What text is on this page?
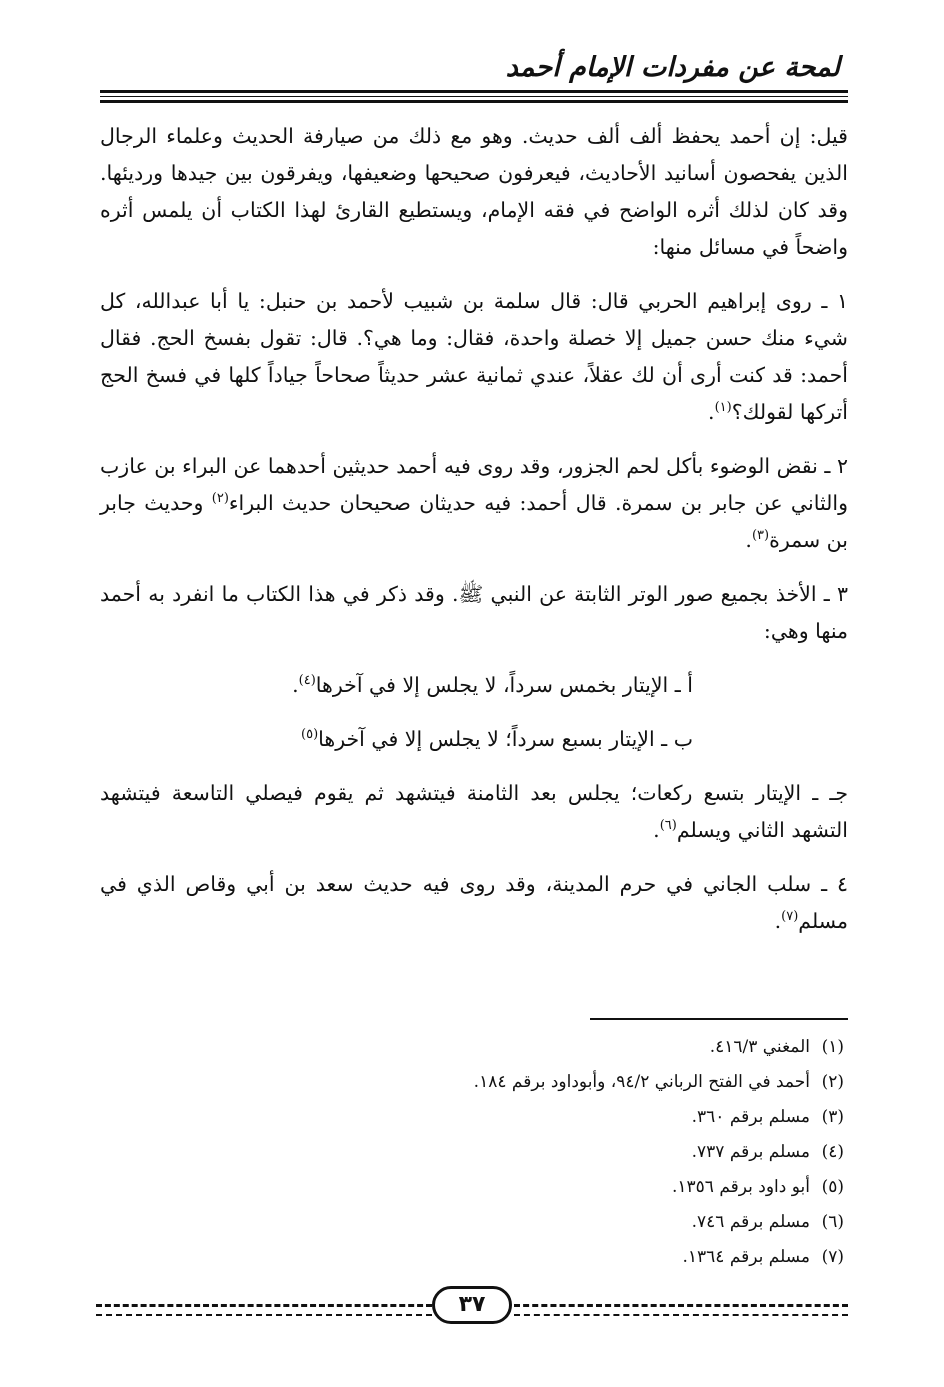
لمحة عن مفردات الإمام أحمد

قيل: إن أحمد يحفظ ألف ألف حديث. وهو مع ذلك من صيارفة الحديث وعلماء الرجال الذين يفحصون أسانيد الأحاديث، فيعرفون صحيحها وضعيفها، ويفرقون بين جيدها ورديئها. وقد كان لذلك أثره الواضح في فقه الإمام، ويستطيع القارئ لهذا الكتاب أن يلمس أثره واضحاً في مسائل منها:

١ ـ روى إبراهيم الحربي قال: قال سلمة بن شبيب لأحمد بن حنبل: يا أبا عبدالله، كل شيء منك حسن جميل إلا خصلة واحدة، فقال: وما هي؟. قال: تقول بفسخ الحج. فقال أحمد: قد كنت أرى أن لك عقلاً، عندي ثمانية عشر حديثاً صحاحاً جياداً كلها في فسخ الحج أتركها لقولك؟$^{(١)}$.

٢ ـ نقض الوضوء بأكل لحم الجزور، وقد روى فيه أحمد حديثين أحدهما عن البراء بن عازب والثاني عن جابر بن سمرة. قال أحمد: فيه حديثان صحيحان حديث البراء$^{(٢)}$ وحديث جابر بن سمرة$^{(٣)}$.

٣ ـ الأخذ بجميع صور الوتر الثابتة عن النبي ﷺ. وقد ذكر في هذا الكتاب ما انفرد به أحمد منها وهي:

أ ـ الإيتار بخمس سرداً، لا يجلس إلا في آخرها$^{(٤)}$.

ب ـ الإيتار بسبع سرداً؛ لا يجلس إلا في آخرها$^{(٥)}$

جـ ـ الإيتار بتسع ركعات؛ يجلس بعد الثامنة فيتشهد ثم يقوم فيصلي التاسعة فيتشهد التشهد الثاني ويسلم$^{(٦)}$.

٤ ـ سلب الجاني في حرم المدينة، وقد روى فيه حديث سعد بن أبي وقاص الذي في مسلم$^{(٧)}$.

(١)المغني ٤١٦/٣.
(٢)أحمد في الفتح الرباني ٩٤/٢، وأبوداود برقم ١٨٤.
(٣)مسلم برقم ٣٦٠.
(٤)مسلم برقم ٧٣٧.
(٥)أبو داود برقم ١٣٥٦.
(٦)مسلم برقم ٧٤٦.
(٧)مسلم برقم ١٣٦٤.
٣٧
